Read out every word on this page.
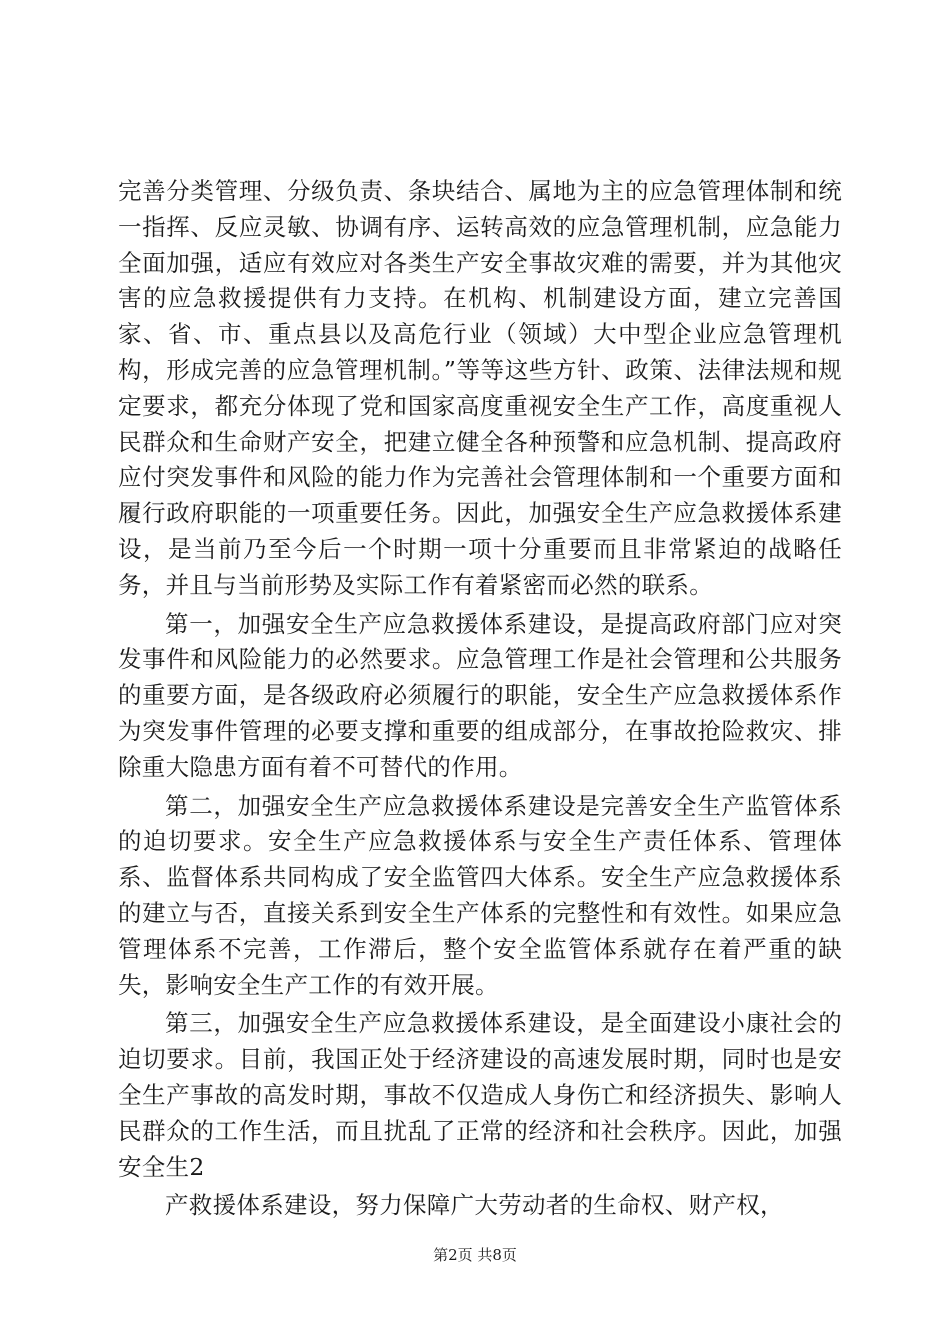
完善分类管理、分级负责、条块结合、属地为主的应急管理体制和统一指挥、反应灵敏、协调有序、运转高效的应急管理机制，应急能力全面加强，适应有效应对各类生产安全事故灾难的需要，并为其他灾害的应急救援提供有力支持。在机构、机制建设方面，建立完善国家、省、市、重点县以及高危行业（领域）大中型企业应急管理机构，形成完善的应急管理机制。”等等这些方针、政策、法律法规和规定要求，都充分体现了党和国家高度重视安全生产工作，高度重视人民群众和生命财产安全，把建立健全各种预警和应急机制、提高政府应付突发事件和风险的能力作为完善社会管理体制和一个重要方面和履行政府职能的一项重要任务。因此，加强安全生产应急救援体系建设，是当前乃至今后一个时期一项十分重要而且非常紧迫的战略任务，并且与当前形势及实际工作有着紧密而必然的联系。

第一，加强安全生产应急救援体系建设，是提高政府部门应对突发事件和风险能力的必然要求。应急管理工作是社会管理和公共服务的重要方面，是各级政府必须履行的职能，安全生产应急救援体系作为突发事件管理的必要支撑和重要的组成部分，在事故抢险救灾、排除重大隐患方面有着不可替代的作用。

第二，加强安全生产应急救援体系建设是完善安全生产监管体系的迫切要求。安全生产应急救援体系与安全生产责任体系、管理体系、监督体系共同构成了安全监管四大体系。安全生产应急救援体系的建立与否，直接关系到安全生产体系的完整性和有效性。如果应急管理体系不完善，工作滞后，整个安全监管体系就存在着严重的缺失，影响安全生产工作的有效开展。

第三，加强安全生产应急救援体系建设，是全面建设小康社会的迫切要求。目前，我国正处于经济建设的高速发展时期，同时也是安全生产事故的高发时期，事故不仅造成人身伤亡和经济损失、影响人民群众的工作生活，而且扰乱了正常的经济和社会秩序。因此，加强安全生2

产救援体系建设，努力保障广大劳动者的生命权、财产权，

第2页 共8页
